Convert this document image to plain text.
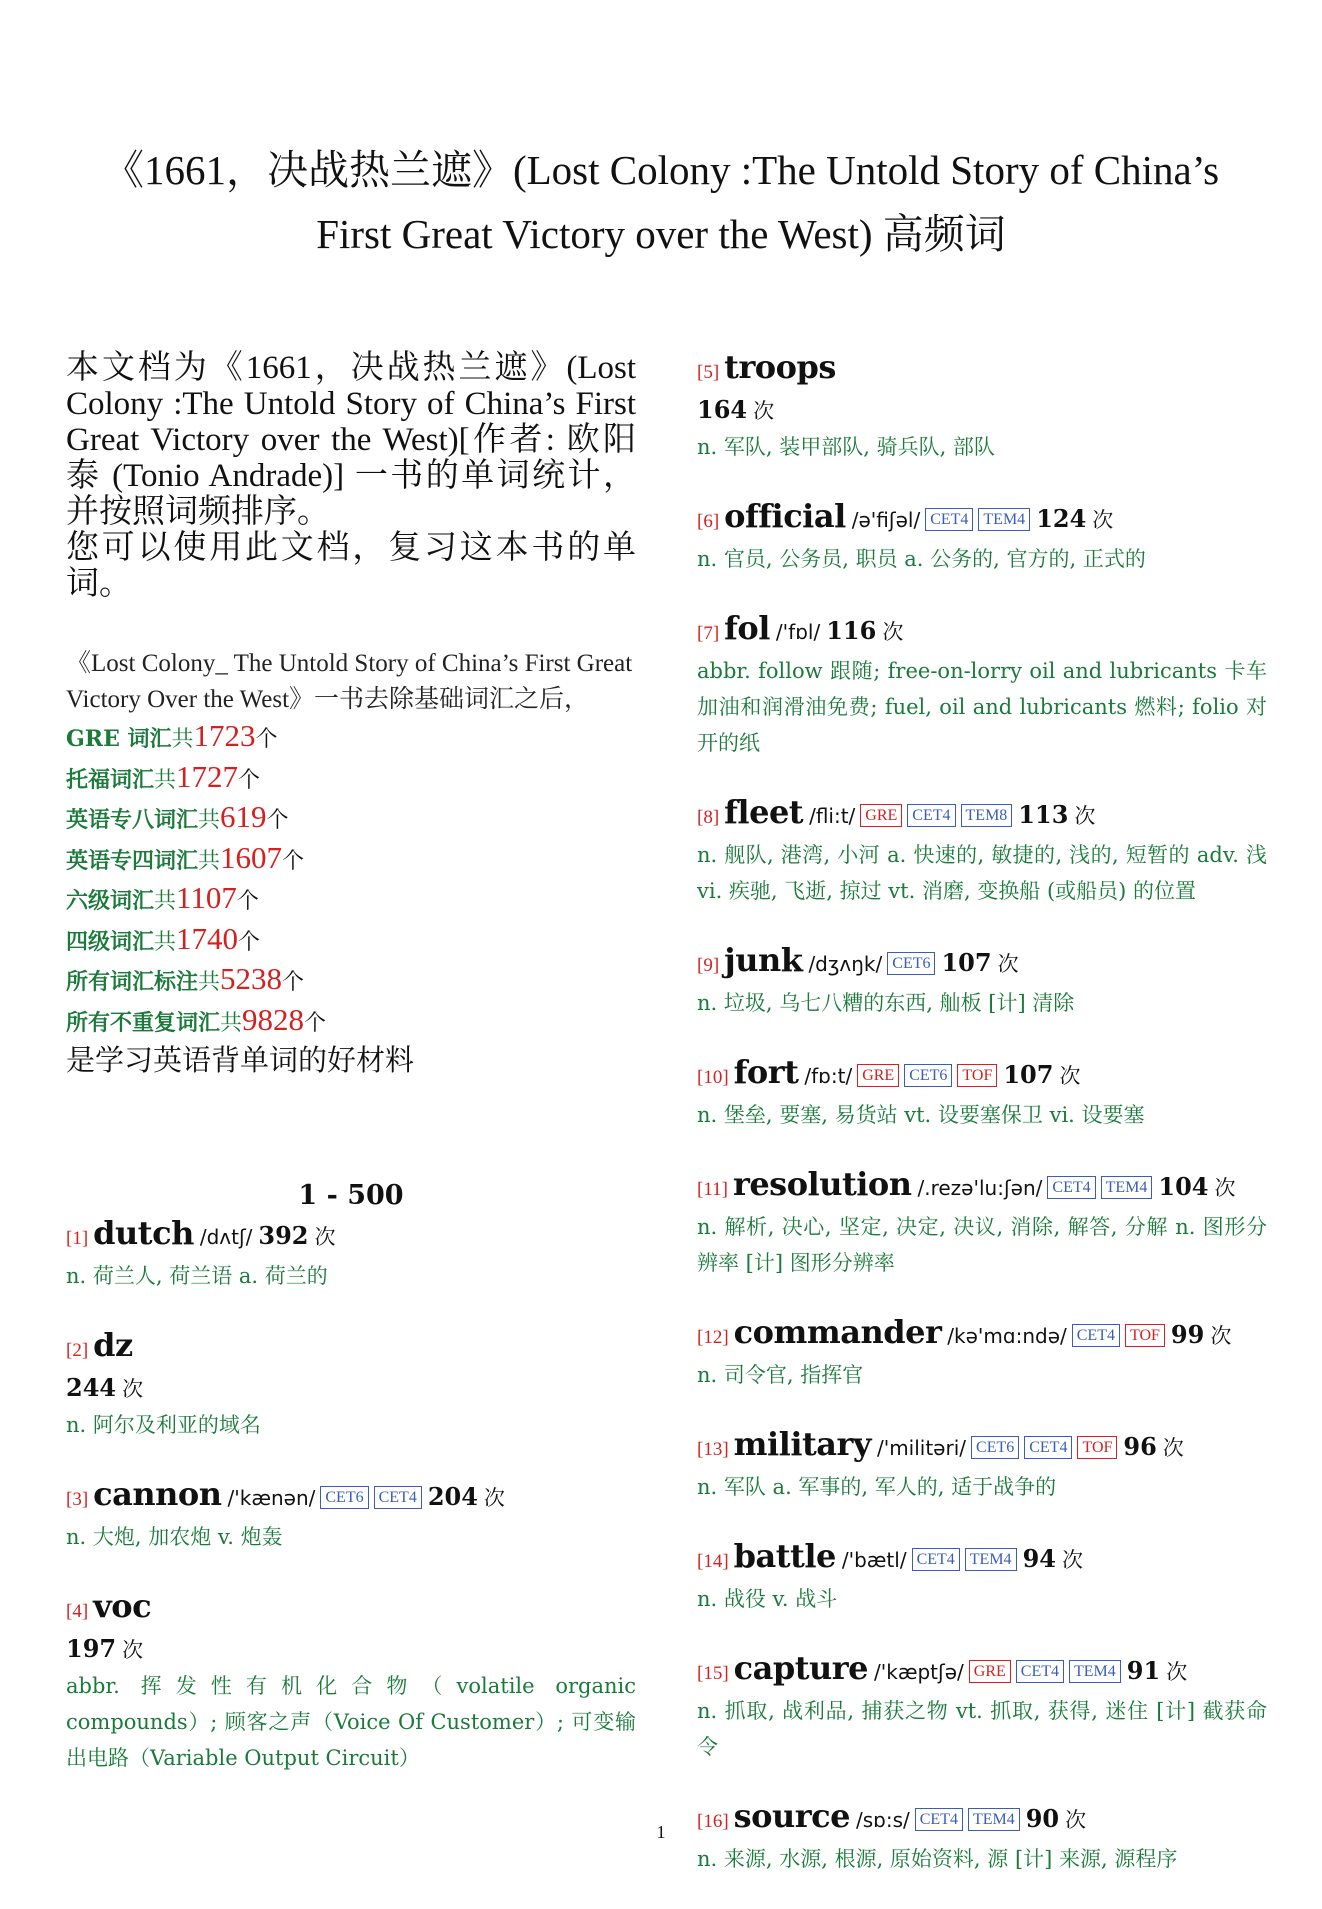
《1661，决战热兰遮》(Lost Colony :The Untold Story of China’s
First Great Victory over the West) 高频词

本文档为《1661，决战热兰遮》(Lost Colony :The Untold Story of China’s First Great Victory over the West)[作者: 欧阳泰 (Tonio Andrade)] 一书的单词统计，并按照词频排序。
您可以使用此文档，复习这本书的单词。

《Lost Colony_ The Untold Story of China’s First Great Victory Over the West》一书去除基础词汇之后，
GRE 词汇共1723个
托福词汇共1727个
英语专八词汇共619个
英语专四词汇共1607个
六级词汇共1107个
四级词汇共1740个
所有词汇标注共5238个
所有不重复词汇共9828个
是学习英语背单词的好材料
1 - 500
[1] dutch /dʌtʃ/ 392 次
n. 荷兰人, 荷兰语 a. 荷兰的
[2] dz
244 次
n. 阿尔及利亚的域名
[3] cannon /'kænən/ CET6 CET4 204 次
n. 大炮, 加农炮 v. 炮轰
[4] voc
197 次
abbr. 挥发性有机化合物（volatile organic compounds）; 顾客之声（Voice Of Customer）; 可变输出电路（Variable Output Circuit）
[5] troops
164 次
n. 军队, 装甲部队, 骑兵队, 部队
[6] official /ə'fiʃəl/ CET4 TEM4 124 次
n. 官员, 公务员, 职员 a. 公务的, 官方的, 正式的
[7] fol /'fɒl/ 116 次
abbr. follow 跟随; free-on-lorry oil and lubricants 卡车加油和润滑油免费; fuel, oil and lubricants 燃料; folio 对开的纸
[8] fleet /fli:t/ GRE CET4 TEM8 113 次
n. 舰队, 港湾, 小河 a. 快速的, 敏捷的, 浅的, 短暂的 adv. 浅 vi. 疾驰, 飞逝, 掠过 vt. 消磨, 变换船 (或船员) 的位置
[9] junk /dʒʌŋk/ CET6 107 次
n. 垃圾, 乌七八糟的东西, 舢板 [计] 清除
[10] fort /fɒ:t/ GRE CET6 TOF 107 次
n. 堡垒, 要塞, 易货站 vt. 设要塞保卫 vi. 设要塞
[11] resolution /.rezə'lu:ʃən/ CET4 TEM4 104 次
n. 解析, 决心, 坚定, 决定, 决议, 消除, 解答, 分解 n. 图形分辨率 [计] 图形分辨率
[12] commander /kə'mɑ:ndə/ CET4 TOF 99 次
n. 司令官, 指挥官
[13] military /'militəri/ CET6 CET4 TOF 96 次
n. 军队 a. 军事的, 军人的, 适于战争的
[14] battle /'bætl/ CET4 TEM4 94 次
n. 战役 v. 战斗
[15] capture /'kæptʃə/ GRE CET4 TEM4 91 次
n. 抓取, 战利品, 捕获之物 vt. 抓取, 获得, 迷住 [计] 截获命令
[16] source /sɒ:s/ CET4 TEM4 90 次
n. 来源, 水源, 根源, 原始资料, 源 [计] 来源, 源程序
1
